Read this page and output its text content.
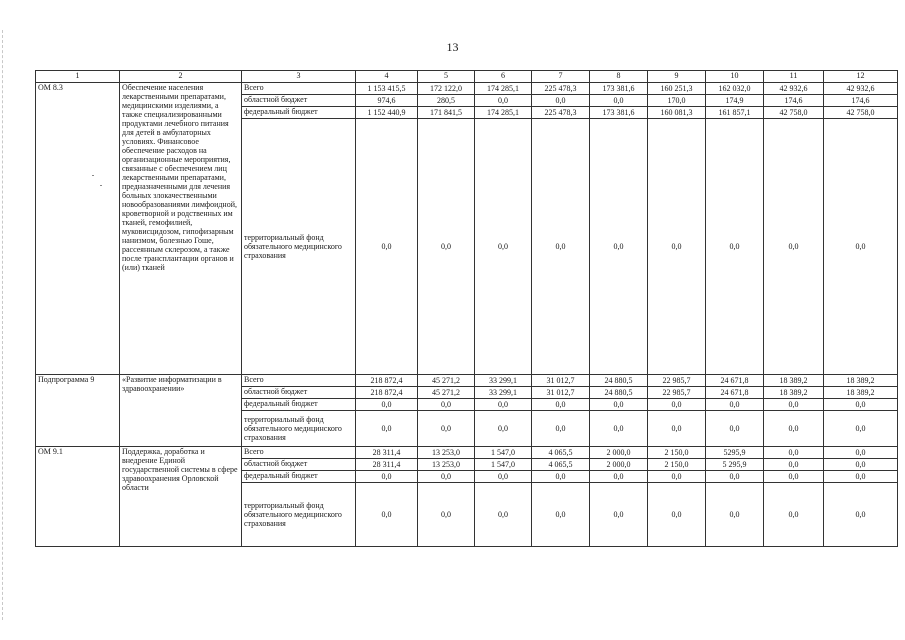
13
1	2	3	4	5	6	7	8	9	10	11	12
ОМ 8.3	Обеспечение населения лекарственными препаратами, медицинскими изделиями, а также специализированными продуктами лечебного питания для детей в амбулаторных условиях. Финансовое обеспечение расходов на организационные мероприятия, связанные с обеспечением лиц лекарственными препаратами, предназначенными для лечения больных злокачественными новообразованиями лимфоидной, кроветворной и родственных им тканей, гемофилией, муковисцидозом, гипофизарным нанизмом, болезнью Гоше, рассеянным склерозом, а также после трансплантации органов и (или) тканей	Всего	1 153 415,5	172 122,0	174 285,1	225 478,3	173 381,6	160 251,3	162 032,0	42 932,6	42 932,6
		областной бюджет	974,6	280,5	0,0	0,0	0,0	170,0	174,9	174,6	174,6
		федеральный бюджет	1 152 440,9	171 841,5	174 285,1	225 478,3	173 381,6	160 081,3	161 857,1	42 758,0	42 758,0
		территориальный фонд обязательного медицинского страхования	0,0	0,0	0,0	0,0	0,0	0,0	0,0	0,0	0,0
Подпрограмма 9	«Развитие информатизации в здравоохранении»	Всего	218 872,4	45 271,2	33 299,1	31 012,7	24 880,5	22 985,7	24 671,8	18 389,2	18 389,2
		областной бюджет	218 872,4	45 271,2	33 299,1	31 012,7	24 880,5	22 985,7	24 671,8	18 389,2	18 389,2
		федеральный бюджет	0,0	0,0	0,0	0,0	0,0	0,0	0,0	0,0	0,0
		территориальный фонд обязательного медицинского страхования	0,0	0,0	0,0	0,0	0,0	0,0	0,0	0,0	0,0
ОМ 9.1	Поддержка, доработка и внедрение Единой государственной системы в сфере здравоохранения Орловской области	Всего	28 311,4	13 253,0	1 547,0	4 065,5	2 000,0	2 150,0	5295,9	0,0	0,0
		областной бюджет	28 311,4	13 253,0	1 547,0	4 065,5	2 000,0	2 150,0	5 295,9	0,0	0,0
		федеральный бюджет	0,0	0,0	0,0	0,0	0,0	0,0	0,0	0,0	0,0
		территориальный фонд обязательного медицинского страхования	0,0	0,0	0,0	0,0	0,0	0,0	0,0	0,0	0,0
